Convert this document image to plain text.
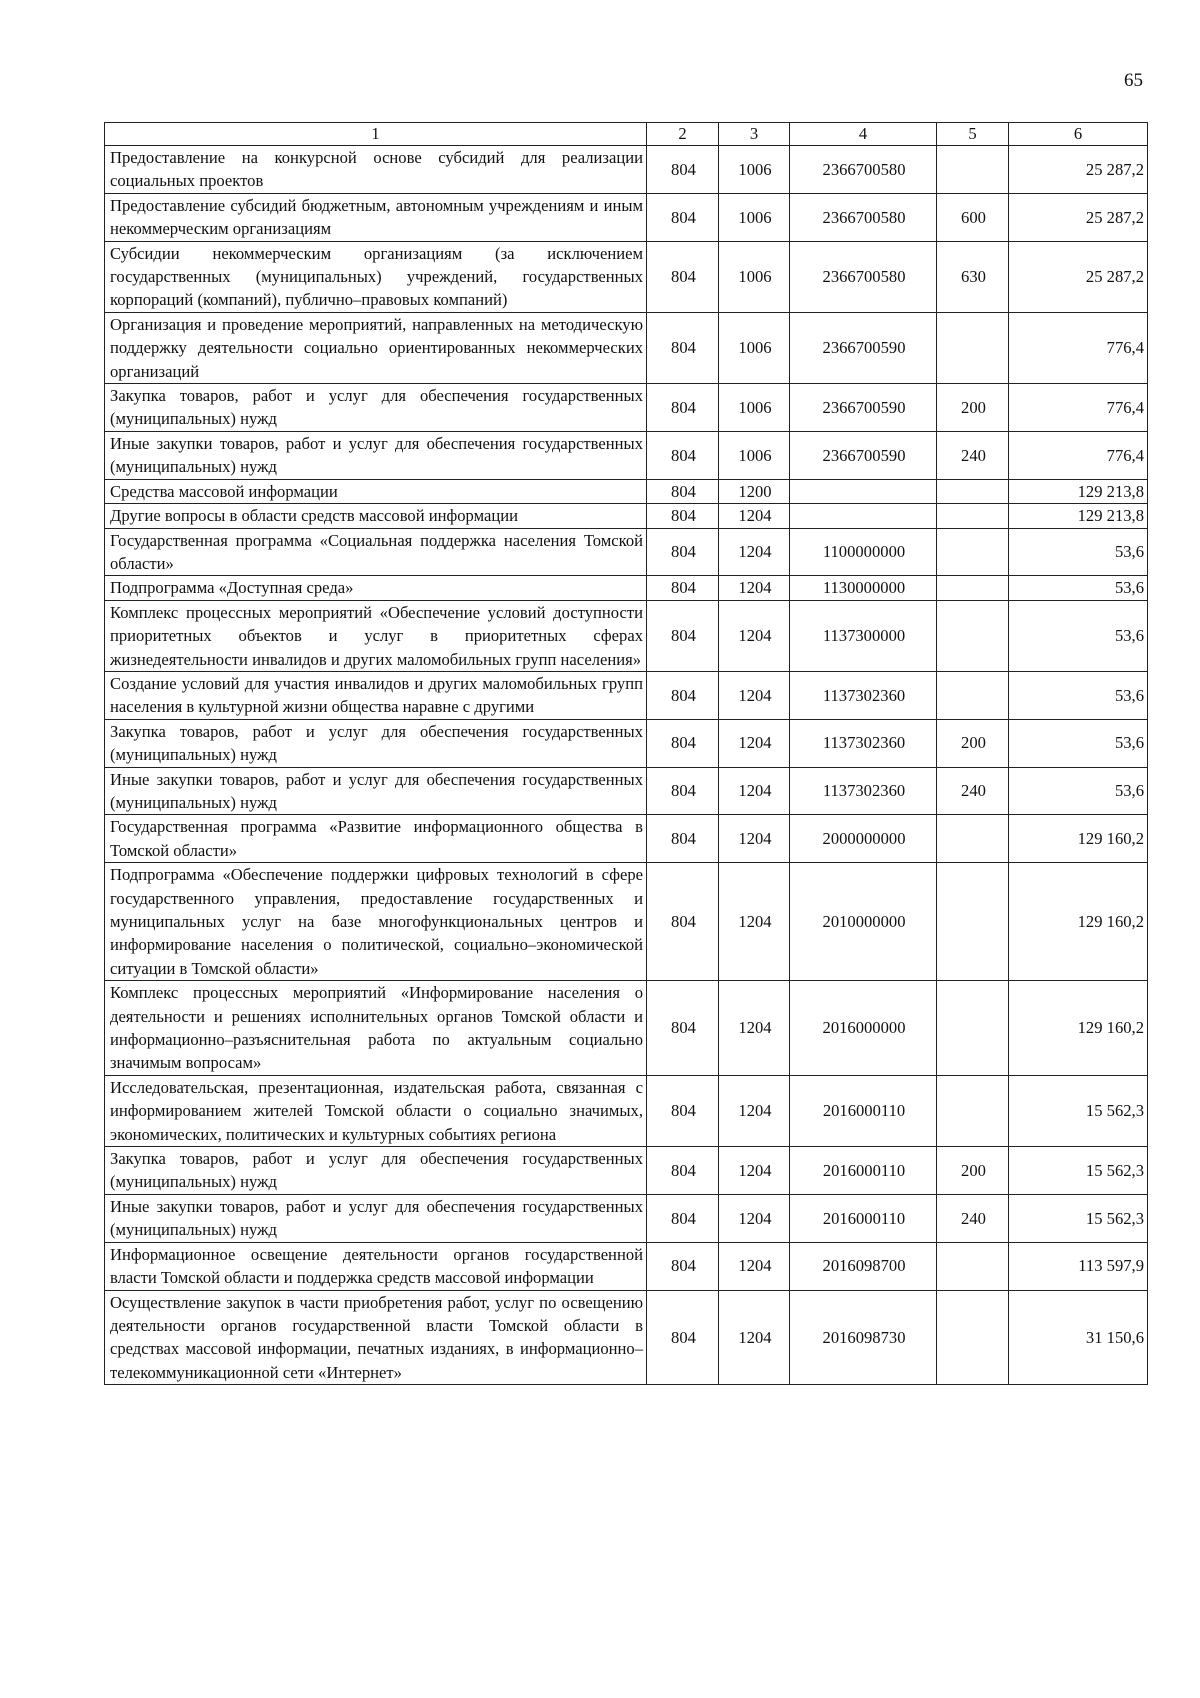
65
1	2	3	4	5	6
Предоставление на конкурсной основе субсидий для реализации социальных проектов	804	1006	2366700580		25 287,2
Предоставление субсидий бюджетным, автономным учреждениям и иным некоммерческим организациям	804	1006	2366700580	600	25 287,2
Субсидии некоммерческим организациям (за исключением государственных (муниципальных) учреждений, государственных корпораций (компаний), публично–правовых компаний)	804	1006	2366700580	630	25 287,2
Организация и проведение мероприятий, направленных на методическую поддержку деятельности социально ориентированных некоммерческих организаций	804	1006	2366700590		776,4
Закупка товаров, работ и услуг для обеспечения государственных (муниципальных) нужд	804	1006	2366700590	200	776,4
Иные закупки товаров, работ и услуг для обеспечения государственных (муниципальных) нужд	804	1006	2366700590	240	776,4
Средства массовой информации	804	1200			129 213,8
Другие вопросы в области средств массовой информации	804	1204			129 213,8
Государственная программа «Социальная поддержка населения Томской области»	804	1204	1100000000		53,6
Подпрограмма «Доступная среда»	804	1204	1130000000		53,6
Комплекс процессных мероприятий «Обеспечение условий доступности приоритетных объектов и услуг в приоритетных сферах жизнедеятельности инвалидов и других маломобильных групп населения»	804	1204	1137300000		53,6
Создание условий для участия инвалидов и других маломобильных групп населения в культурной жизни общества наравне с другими	804	1204	1137302360		53,6
Закупка товаров, работ и услуг для обеспечения государственных (муниципальных) нужд	804	1204	1137302360	200	53,6
Иные закупки товаров, работ и услуг для обеспечения государственных (муниципальных) нужд	804	1204	1137302360	240	53,6
Государственная программа «Развитие информационного общества в Томской области»	804	1204	2000000000		129 160,2
Подпрограмма «Обеспечение поддержки цифровых технологий в сфере государственного управления, предоставление государственных и муниципальных услуг на базе многофункциональных центров и информирование населения о политической, социально–экономической ситуации в Томской области»	804	1204	2010000000		129 160,2
Комплекс процессных мероприятий «Информирование населения о деятельности и решениях исполнительных органов Томской области и информационно–разъяснительная работа по актуальным социально значимым вопросам»	804	1204	2016000000		129 160,2
Исследовательская, презентационная, издательская работа, связанная с информированием жителей Томской области о социально значимых, экономических, политических и культурных событиях региона	804	1204	2016000110		15 562,3
Закупка товаров, работ и услуг для обеспечения государственных (муниципальных) нужд	804	1204	2016000110	200	15 562,3
Иные закупки товаров, работ и услуг для обеспечения государственных (муниципальных) нужд	804	1204	2016000110	240	15 562,3
Информационное освещение деятельности органов государственной власти Томской области и поддержка средств массовой информации	804	1204	2016098700		113 597,9
Осуществление закупок в части приобретения работ, услуг по освещению деятельности органов государственной власти Томской области в средствах массовой информации, печатных изданиях, в информационно–телекоммуникационной сети «Интернет»	804	1204	2016098730		31 150,6
